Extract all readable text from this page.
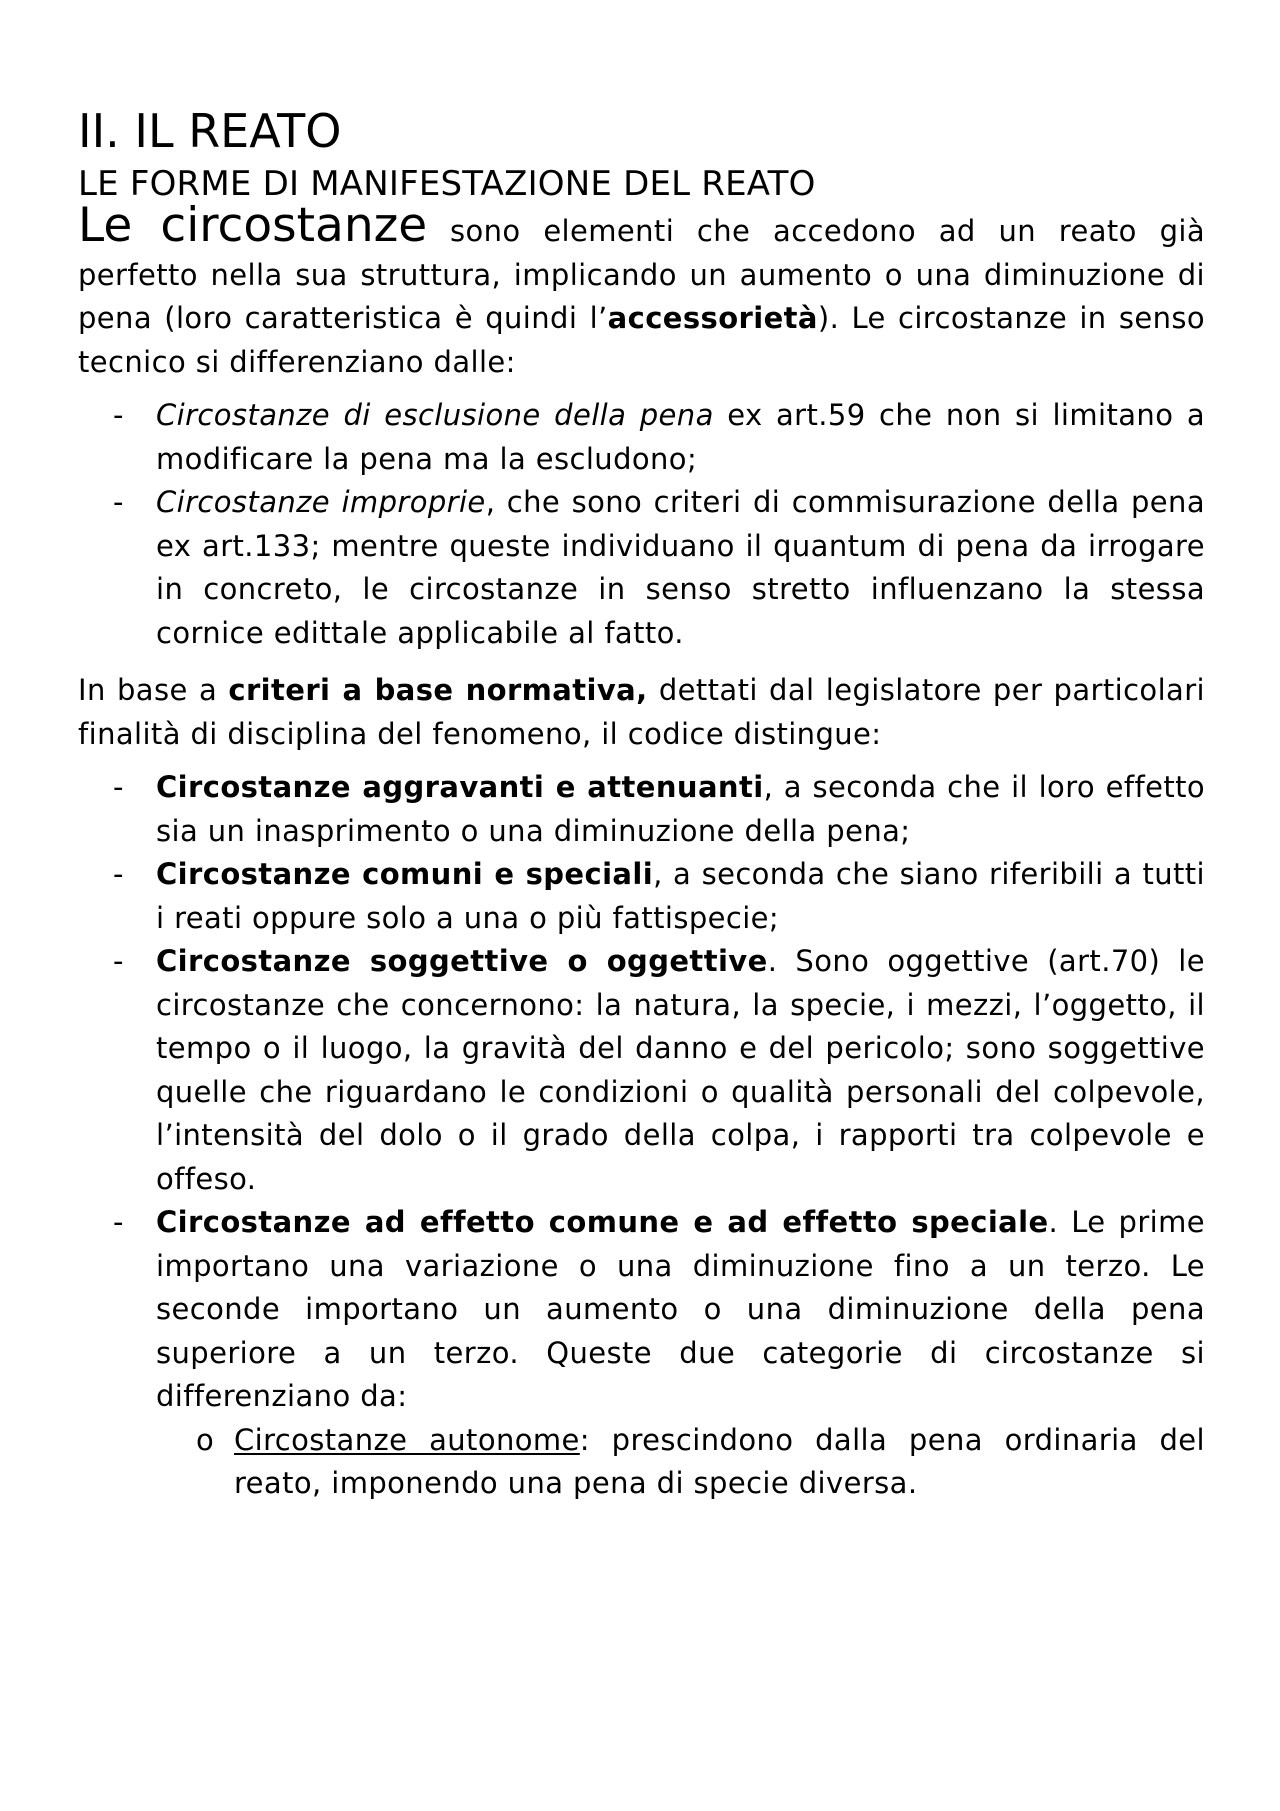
II. IL REATO
LE FORME DI MANIFESTAZIONE DEL REATO

Le circostanze sono elementi che accedono ad un reato già perfetto nella sua struttura, implicando un aumento o una diminuzione di pena (loro caratteristica è quindi l’accessorietà). Le circostanze in senso tecnico si differenziano dalle:

- Circostanze di esclusione della pena ex art.59 che non si limitano a modificare la pena ma la escludono;
- Circostanze improprie, che sono criteri di commisurazione della pena ex art.133; mentre queste individuano il quantum di pena da irrogare in concreto, le circostanze in senso stretto influenzano la stessa cornice edittale applicabile al fatto.

In base a criteri a base normativa, dettati dal legislatore per particolari finalità di disciplina del fenomeno, il codice distingue:

- Circostanze aggravanti e attenuanti, a seconda che il loro effetto sia un inasprimento o una diminuzione della pena;
- Circostanze comuni e speciali, a seconda che siano riferibili a tutti i reati oppure solo a una o più fattispecie;
- Circostanze soggettive o oggettive. Sono oggettive (art.70) le circostanze che concernono: la natura, la specie, i mezzi, l’oggetto, il tempo o il luogo, la gravità del danno e del pericolo; sono soggettive quelle che riguardano le condizioni o qualità personali del colpevole, l’intensità del dolo o il grado della colpa, i rapporti tra colpevole e offeso.
- Circostanze ad effetto comune e ad effetto speciale. Le prime importano una variazione o una diminuzione fino a un terzo. Le seconde importano un aumento o una diminuzione della pena superiore a un terzo. Queste due categorie di circostanze si differenziano da:
o Circostanze autonome: prescindono dalla pena ordinaria del reato, imponendo una pena di specie diversa.
